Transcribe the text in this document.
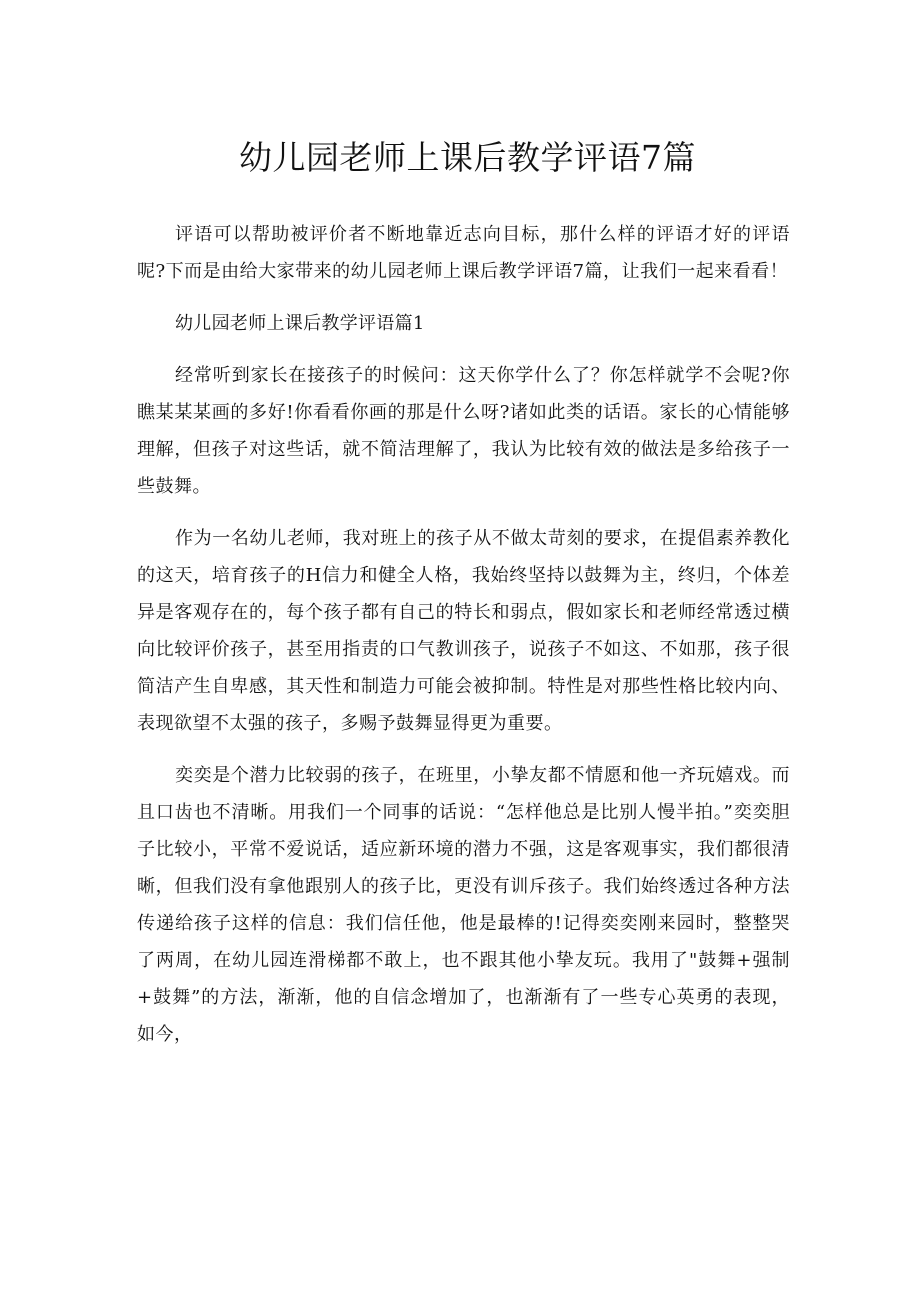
幼儿园老师上课后教学评语7篇

评语可以帮助被评价者不断地靠近志向目标，那什么样的评语才好的评语呢?下而是由给大家带来的幼儿园老师上课后教学评语7篇，让我们一起来看看！

幼儿园老师上课后教学评语篇1

经常听到家长在接孩子的时候问：这天你学什么了？你怎样就学不会呢?你瞧某某某画的多好!你看看你画的那是什么呀?诸如此类的话语。家长的心情能够理解，但孩子对这些话，就不简洁理解了，我认为比较有效的做法是多给孩子一些鼓舞。

作为一名幼儿老师，我对班上的孩子从不做太苛刻的要求，在提倡素养教化的这天，培育孩子的H信力和健全人格，我始终坚持以鼓舞为主，终归，个体差异是客观存在的，每个孩子都有自己的特长和弱点，假如家长和老师经常透过横向比较评价孩子，甚至用指责的口气教训孩子，说孩子不如这、不如那，孩子很简洁产生自卑感，其天性和制造力可能会被抑制。特性是对那些性格比较内向、表现欲望不太强的孩子，多赐予鼓舞显得更为重要。

奕奕是个潜力比较弱的孩子，在班里，小挚友都不情愿和他一齐玩嬉戏。而且口齿也不清晰。用我们一个同事的话说：“怎样他总是比别人慢半拍。”奕奕胆子比较小，平常不爱说话，适应新环境的潜力不强，这是客观事实，我们都很清晰，但我们没有拿他跟别人的孩子比，更没有训斥孩子。我们始终透过各种方法传递给孩子这样的信息：我们信任他，他是最棒的!记得奕奕刚来园时，整整哭了两周，在幼儿园连滑梯都不敢上，也不跟其他小挚友玩。我用了"鼓舞+强制+鼓舞”的方法，渐渐，他的自信念增加了，也渐渐有了一些专心英勇的表现，如今，
